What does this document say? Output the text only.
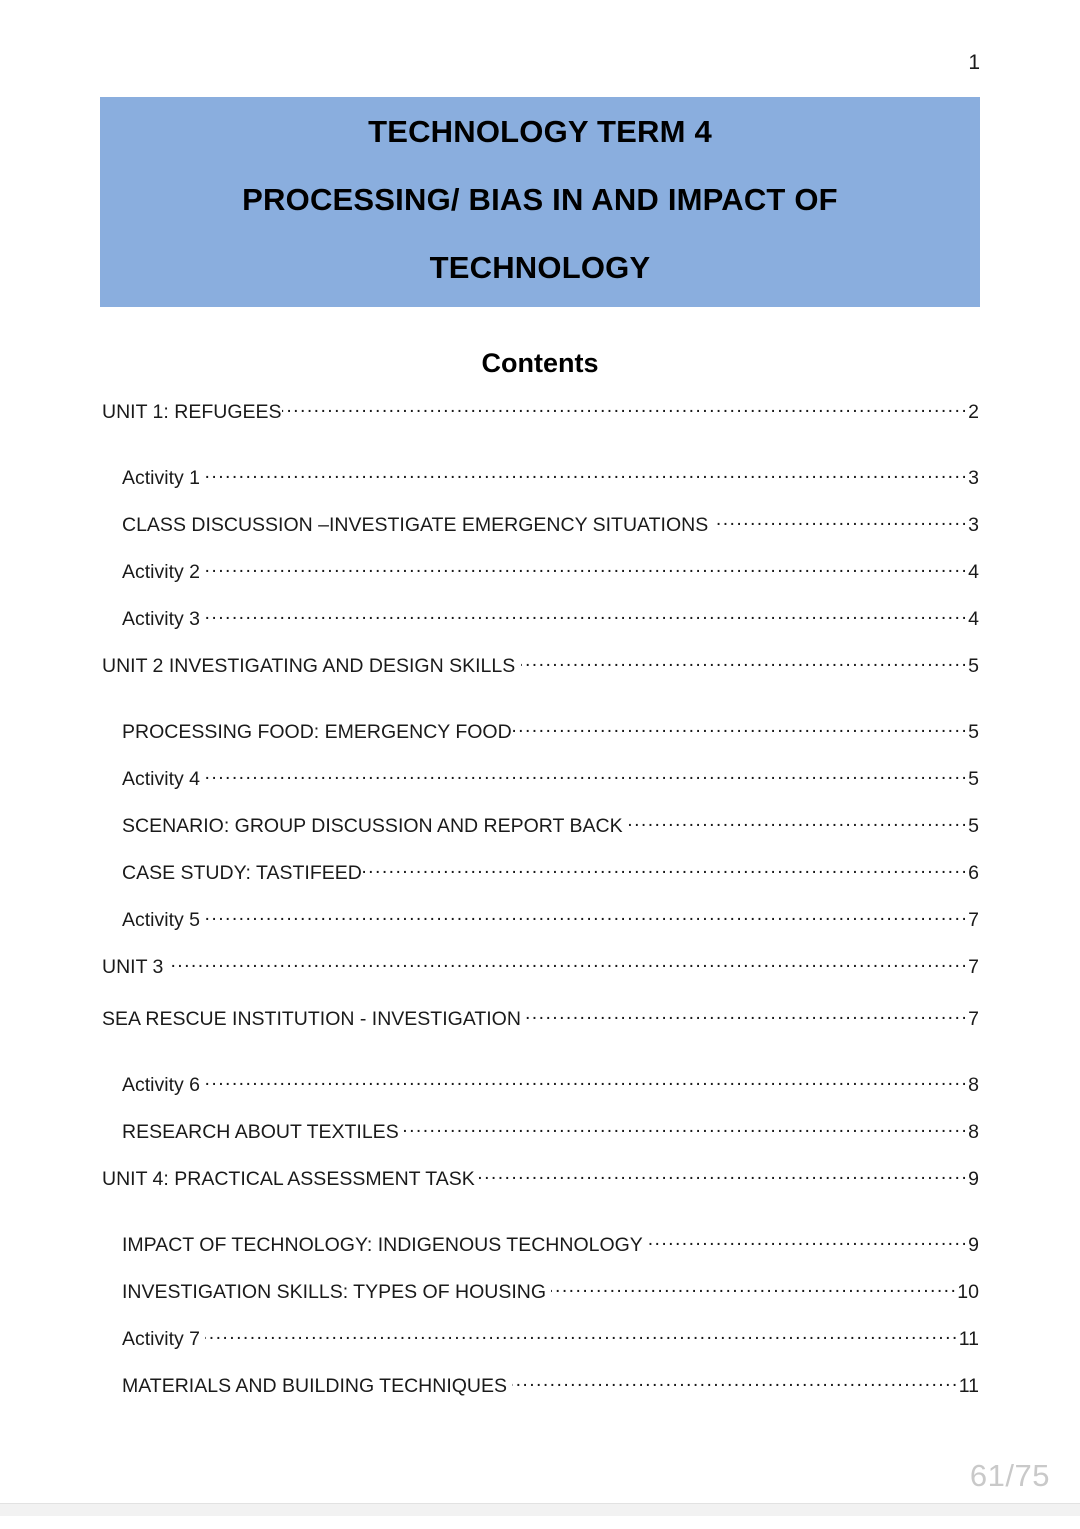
1
TECHNOLOGY TERM 4
PROCESSING/ BIAS IN AND IMPACT OF
TECHNOLOGY
Contents
UNIT 1: REFUGEES .....	2
Activity 1 .....	3
CLASS DISCUSSION –INVESTIGATE EMERGENCY SITUATIONS .....	3
Activity 2 .....	4
Activity 3 .....	4
UNIT 2 INVESTIGATING AND DESIGN SKILLS .....	5
PROCESSING FOOD: EMERGENCY FOOD .....	5
Activity 4 .....	5
SCENARIO: GROUP DISCUSSION AND REPORT BACK .....	5
CASE STUDY: TASTIFEED .....	6
Activity 5 .....	7
UNIT 3 .....	7
SEA RESCUE INSTITUTION - INVESTIGATION .....	7
Activity 6 .....	8
RESEARCH ABOUT TEXTILES .....	8
UNIT 4: PRACTICAL ASSESSMENT TASK .....	9
IMPACT OF TECHNOLOGY: INDIGENOUS TECHNOLOGY .....	9
INVESTIGATION SKILLS: TYPES OF HOUSING .....	10
Activity 7 .....	11
MATERIALS AND BUILDING TECHNIQUES .....	11
61/75
